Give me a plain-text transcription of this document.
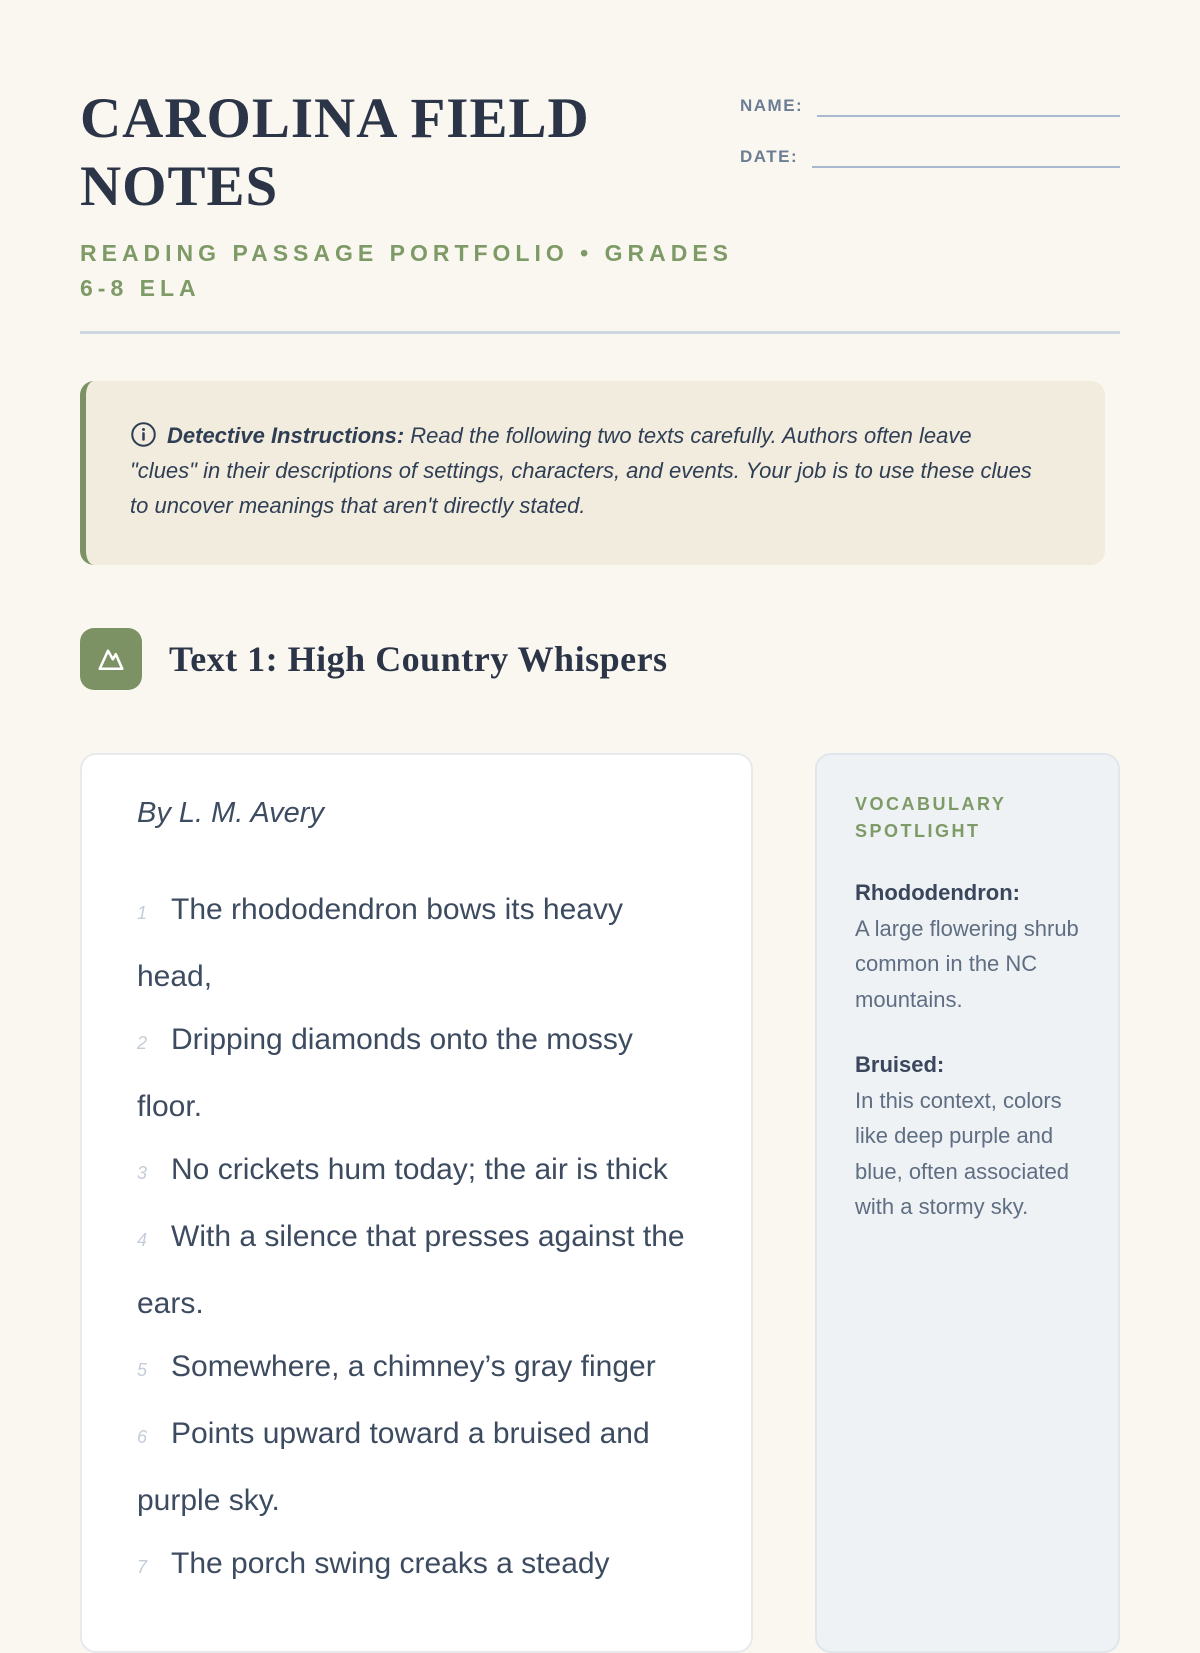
CAROLINA FIELD NOTES
READING PASSAGE PORTFOLIO • GRADES 6-8 ELA
NAME:
DATE:
Detective Instructions: Read the following two texts carefully. Authors often leave "clues" in their descriptions of settings, characters, and events. Your job is to use these clues to uncover meanings that aren't directly stated.
Text 1: High Country Whispers
By L. M. Avery

1 The rhododendron bows its heavy head,

2 Dripping diamonds onto the mossy floor.

3 No crickets hum today; the air is thick

4 With a silence that presses against the ears.

5 Somewhere, a chimney’s gray finger

6 Points upward toward a bruised and purple sky.

7 The porch swing creaks a steady

VOCABULARY SPOTLIGHT
Rhododendron:
A large flowering shrub common in the NC mountains.
Bruised:
In this context, colors like deep purple and blue, often associated with a stormy sky.
